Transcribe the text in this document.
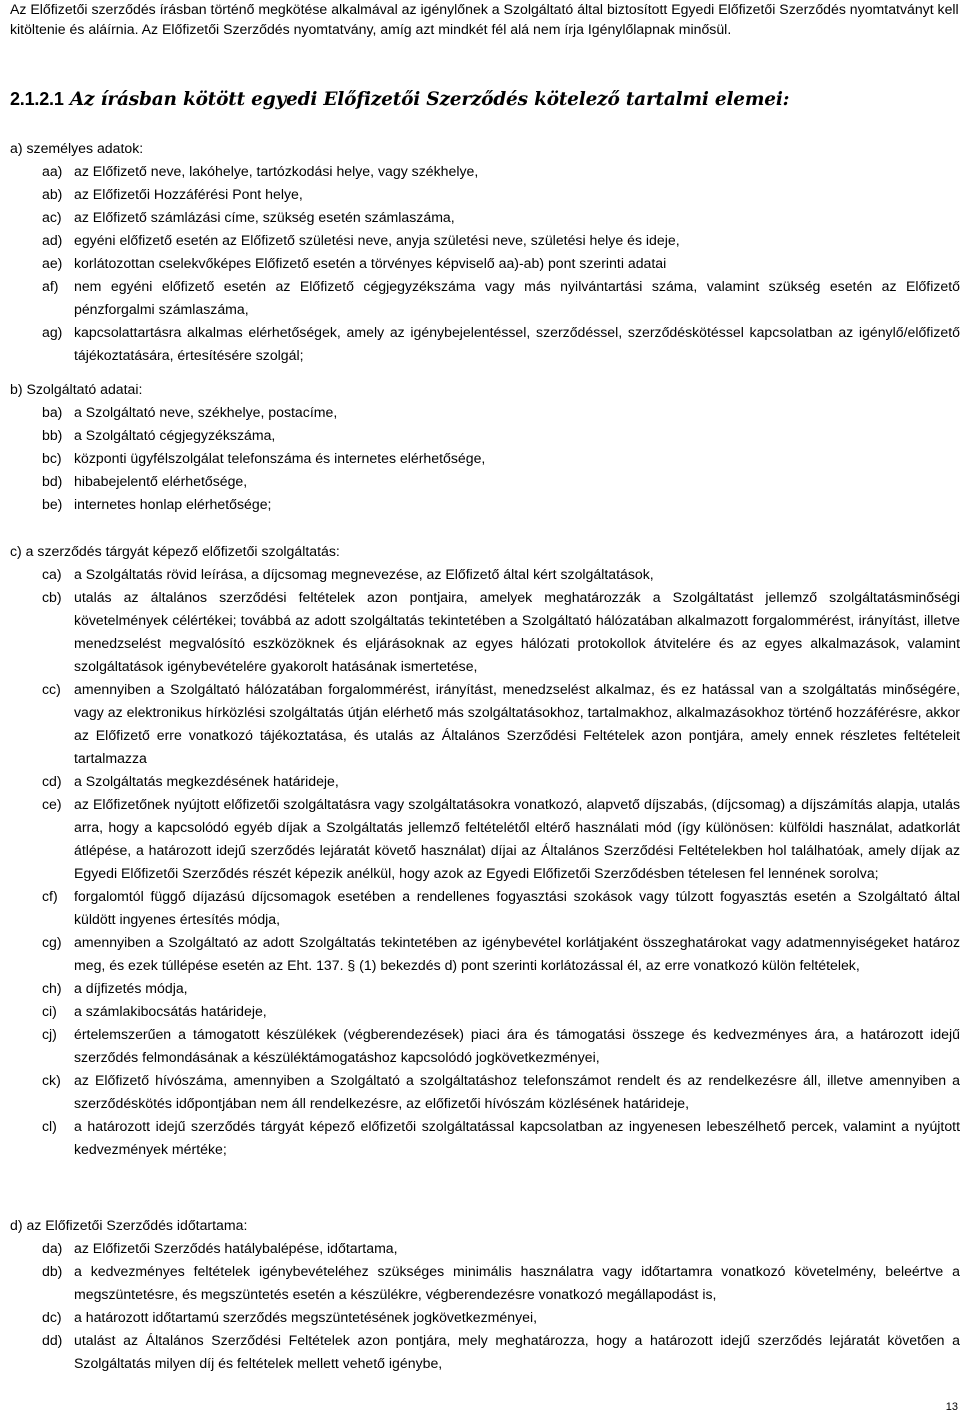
Az Előfizetői szerződés írásban történő megkötése alkalmával az igénylőnek a Szolgáltató által biztosított Egyedi Előfizetői Szerződés nyomtatványt kell kitöltenie és aláírnia. Az Előfizetői Szerződés nyomtatvány, amíg azt mindkét fél alá nem írja Igénylőlapnak minősül.

2.1.2.1 Az írásban kötött egyedi Előfizetői Szerződés kötelező tartalmi elemei:

a) személyes adatok:

aa) az Előfizető neve, lakóhelye, tartózkodási helye, vagy székhelye,
ab) az Előfizetői Hozzáférési Pont helye,
ac) az Előfizető számlázási címe, szükség esetén számlaszáma,
ad) egyéni előfizető esetén az Előfizető születési neve, anyja születési neve, születési helye és ideje,
ae) korlátozottan cselekvőképes Előfizető esetén a törvényes képviselő aa)-ab) pont szerinti adatai
af)	nem egyéni előfizető esetén az Előfizető cégjegyzékszáma vagy más nyilvántartási száma, valamint szükség esetén az Előfizető pénzforgalmi számlaszáma,
ag) kapcsolattartásra alkalmas elérhetőségek, amely az igénybejelentéssel, szerződéssel, szerződéskötéssel kapcsolatban az igénylő/előfizető tájékoztatására, értesítésére szolgál;

b) Szolgáltató adatai:

ba) a Szolgáltató neve, székhelye, postacíme,
bb) a Szolgáltató cégjegyzékszáma,
bc) központi ügyfélszolgálat telefonszáma és internetes elérhetősége,
bd) hibabejelentő elérhetősége,
be) internetes honlap elérhetősége;

c) a szerződés tárgyát képező előfizetői szolgáltatás:

ca) a Szolgáltatás rövid leírása, a díjcsomag megnevezése, az Előfizető által kért szolgáltatások,
cb) utalás az általános szerződési feltételek azon pontjaira, amelyek meghatározzák a Szolgáltatást jellemző szolgáltatásminőségi követelmények célértékei; továbbá az adott szolgáltatás tekintetében a Szolgáltató hálózatában alkalmazott forgalommérést, irányítást, illetve menedzselést megvalósító eszközöknek és eljárásoknak az egyes hálózati protokollok átvitelére és az egyes alkalmazások, valamint szolgáltatások igénybevételére gyakorolt hatásának ismertetése,
cc) amennyiben a Szolgáltató hálózatában forgalommérést, irányítást, menedzselést alkalmaz, és ez hatással van a szolgáltatás minőségére, vagy az elektronikus hírközlési szolgáltatás útján elérhető más szolgáltatásokhoz, tartalmakhoz, alkalmazásokhoz történő hozzáférésre, akkor az Előfizető erre vonatkozó tájékoztatása, és utalás az Általános Szerződési Feltételek azon pontjára, amely ennek részletes feltételeit tartalmazza
cd) a Szolgáltatás megkezdésének határideje,
ce) az Előfizetőnek nyújtott előfizetői szolgáltatásra vagy szolgáltatásokra vonatkozó, alapvető díjszabás, (díjcsomag) a díjszámítás alapja, utalás arra, hogy a kapcsolódó egyéb díjak a Szolgáltatás jellemző feltételétől eltérő használati mód (így különösen: külföldi használat, adatkorlát átlépése, a határozott idejű szerződés lejáratát követő használat) díjai az Általános Szerződési Feltételekben hol találhatóak, amely díjak az Egyedi Előfizetői Szerződés részét képezik anélkül, hogy azok az Egyedi Előfizetői Szerződésben tételesen fel lennének sorolva;
cf)	forgalomtól függő díjazású díjcsomagok esetében a rendellenes fogyasztási szokások vagy túlzott fogyasztás esetén a Szolgáltató által küldött ingyenes értesítés módja,
cg) amennyiben a Szolgáltató az adott Szolgáltatás tekintetében az igénybevétel korlátjaként összeghatárokat vagy adatmennyiségeket határoz meg, és ezek túllépése esetén az Eht. 137. § (1) bekezdés d) pont szerinti korlátozással él, az erre vonatkozó külön feltételek,
ch) a díjfizetés módja,
ci)	a számlakibocsátás határideje,
cj)	értelemszerűen a támogatott készülékek (végberendezések) piaci ára és támogatási összege és kedvezményes ára, a határozott idejű szerződés felmondásának a készüléktámogatáshoz kapcsolódó jogkövetkezményei,
ck) az Előfizető hívószáma, amennyiben a Szolgáltató a szolgáltatáshoz telefonszámot rendelt és az rendelkezésre áll, illetve amennyiben a szerződéskötés időpontjában nem áll rendelkezésre, az előfizetői hívószám közlésének határideje,
cl)	a határozott idejű szerződés tárgyát képező előfizetői szolgáltatással kapcsolatban az ingyenesen lebeszélhető percek, valamint a nyújtott kedvezmények mértéke;

d) az Előfizetői Szerződés időtartama:

da) az Előfizetői Szerződés hatálybalépése, időtartama,
db) a kedvezményes feltételek igénybevételéhez szükséges minimális használatra vagy időtartamra vonatkozó követelmény, beleértve a megszüntetésre, és megszüntetés esetén a készülékre, végberendezésre vonatkozó megállapodást is,
dc) a határozott időtartamú szerződés megszüntetésének jogkövetkezményei,
dd) utalást az Általános Szerződési Feltételek azon pontjára, mely meghatározza, hogy a határozott idejű szerződés lejáratát követően a Szolgáltatás milyen díj és feltételek mellett vehető igénybe,
13
